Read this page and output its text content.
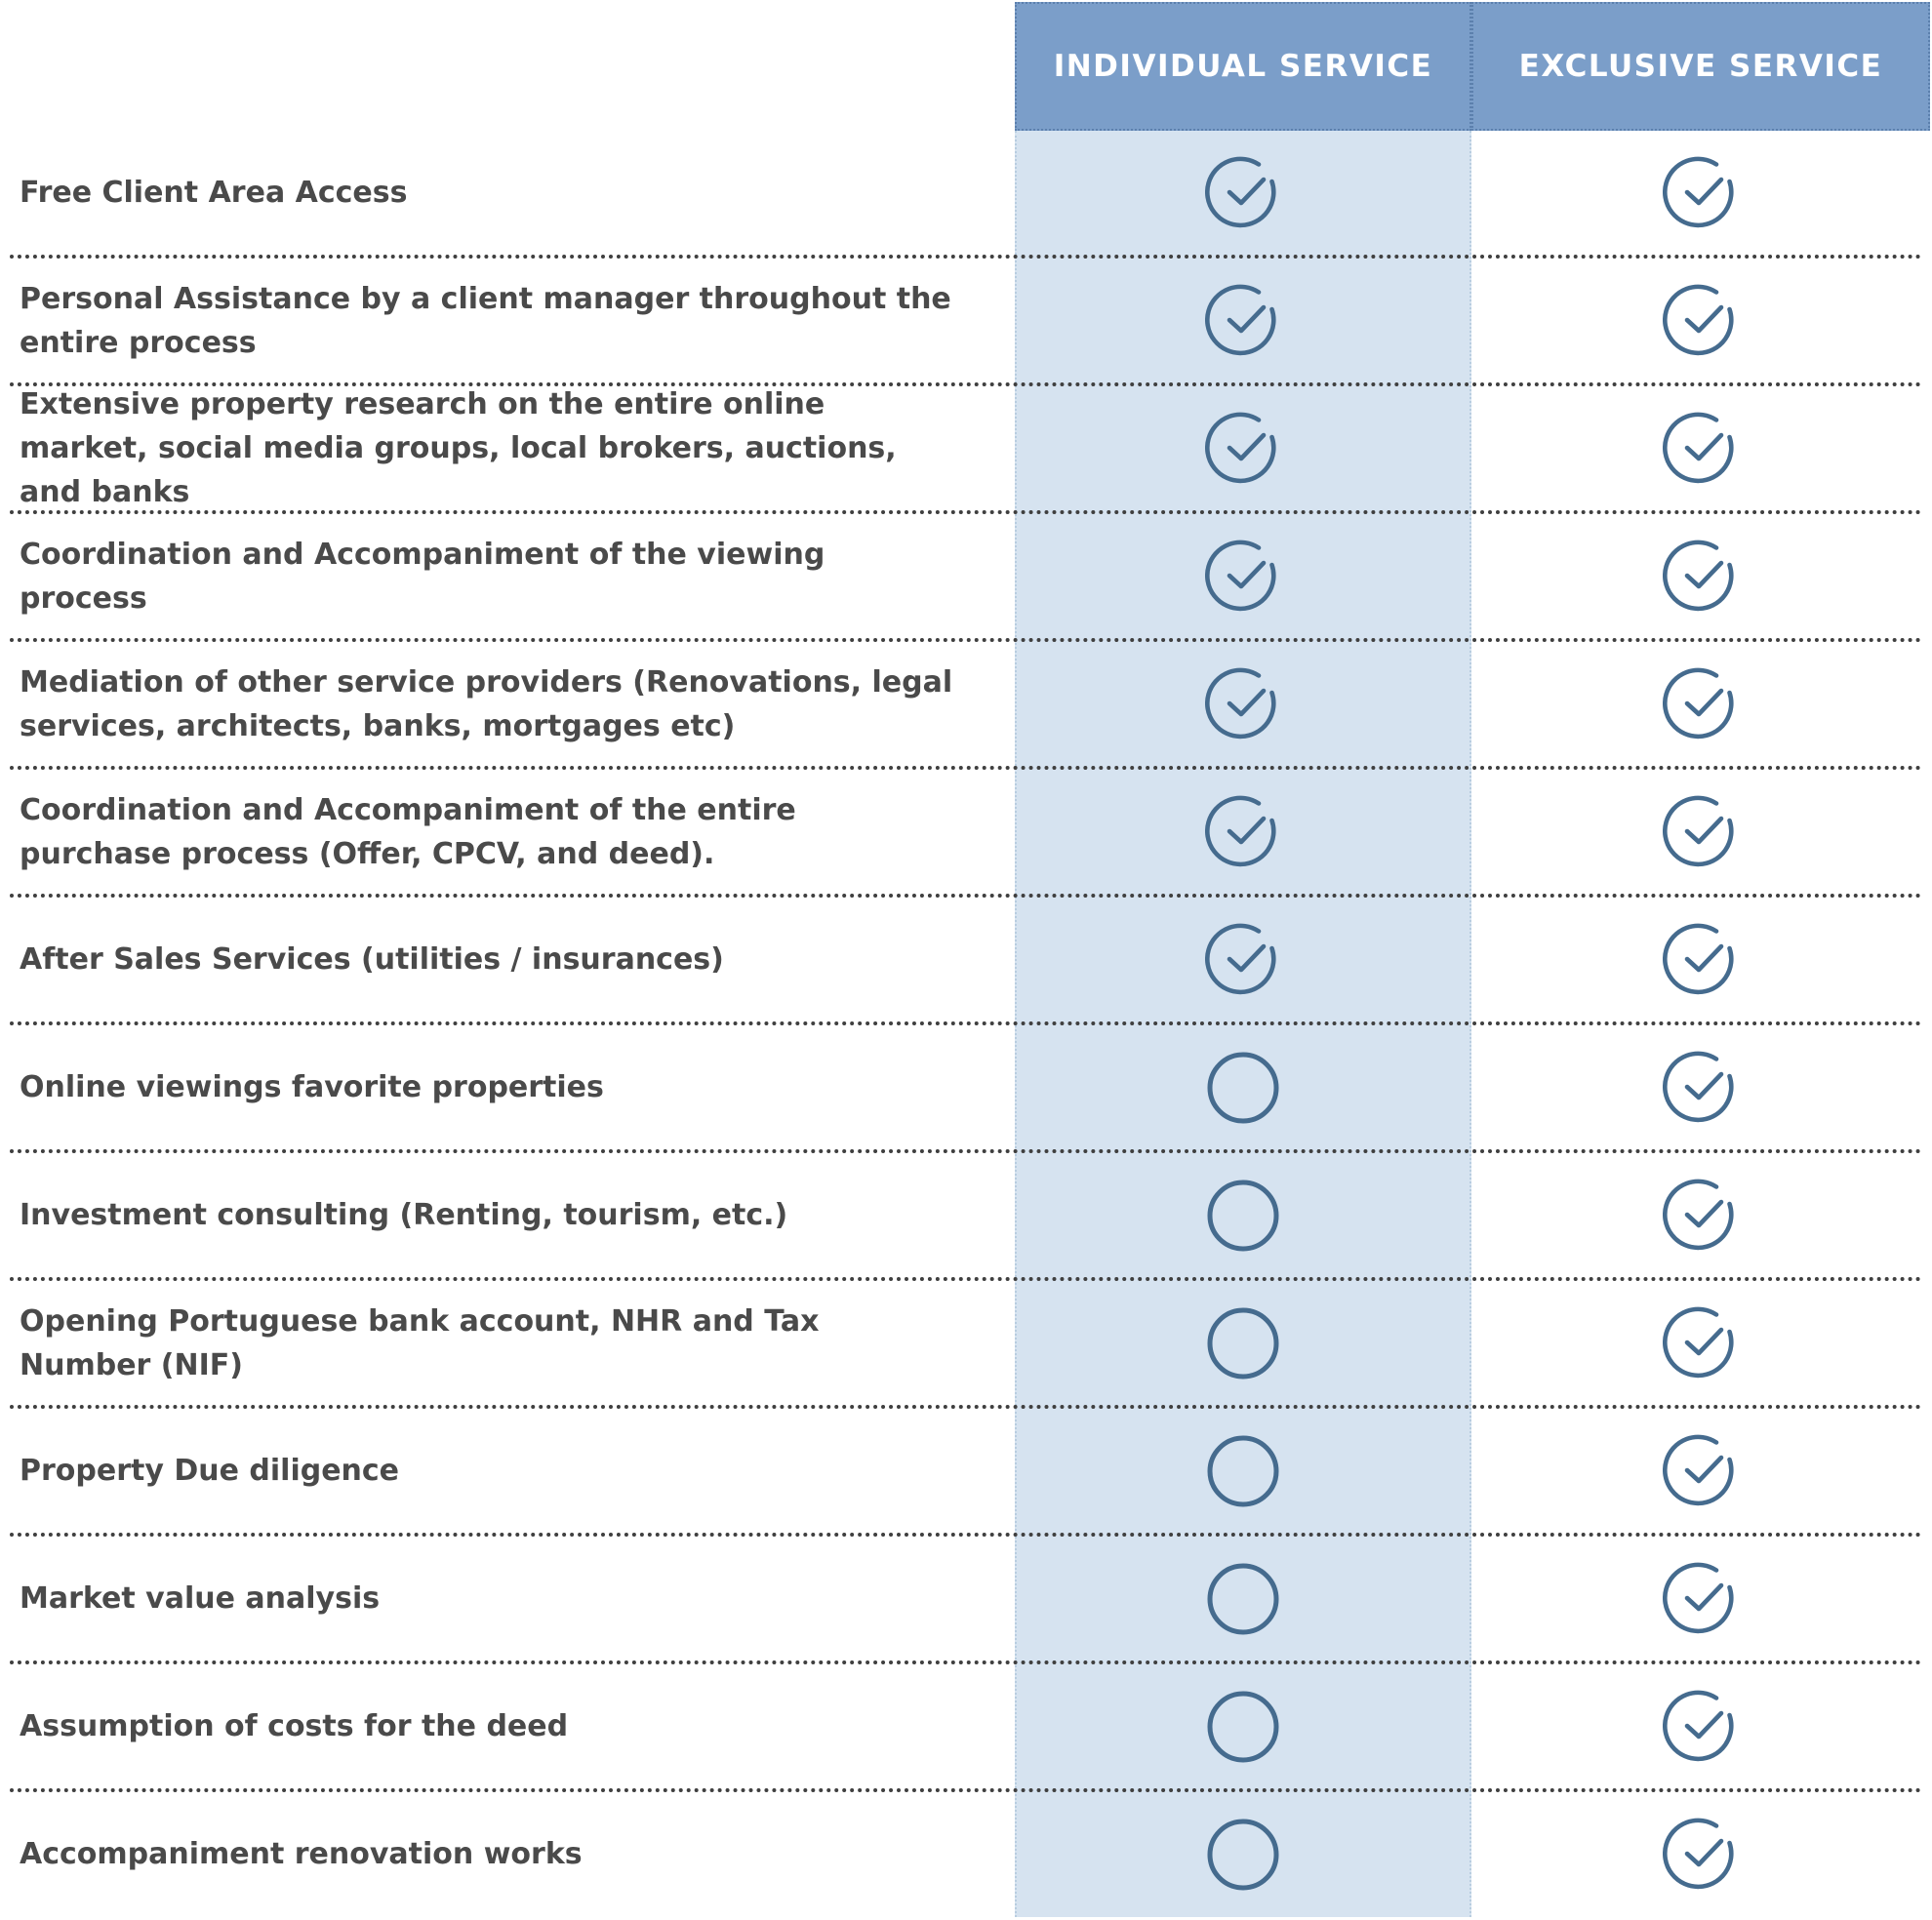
INDIVIDUAL SERVICE	EXCLUSIVE SERVICE
Free Client Area Access
Personal Assistance by a client manager throughout the entire process
Extensive property research on the entire online market, social media groups, local brokers, auctions, and banks
Coordination and Accompaniment of the viewing process
Mediation of other service providers (Renovations, legal services, architects, banks, mortgages etc)
Coordination and Accompaniment of the entire purchase process (Offer, CPCV, and deed).
After Sales Services (utilities / insurances)
Online viewings favorite properties
Investment consulting (Renting, tourism, etc.)
Opening Portuguese bank account, NHR and Tax Number (NIF)
Property Due diligence
Market value analysis
Assumption of costs for the deed
Accompaniment renovation works
